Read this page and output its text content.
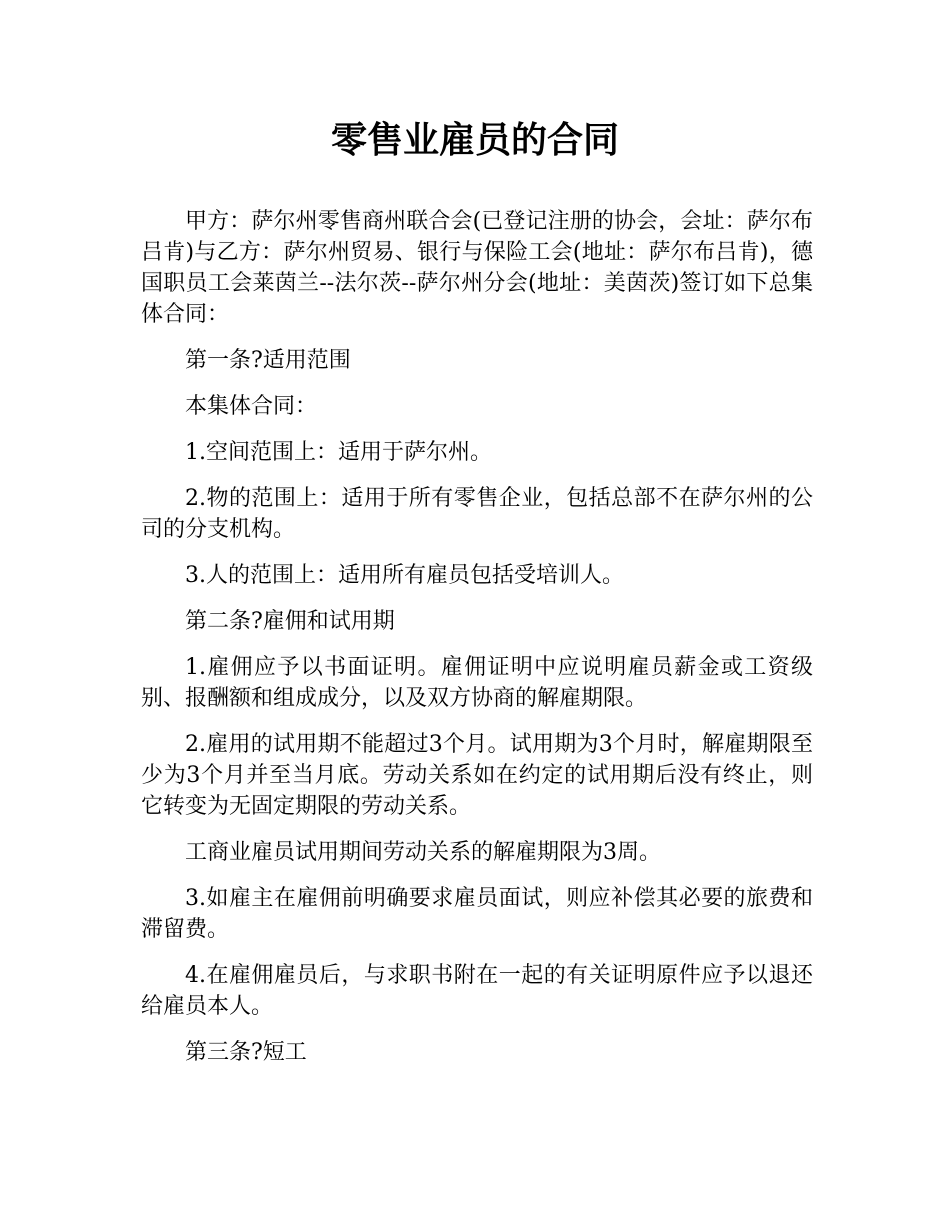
零售业雇员的合同

甲方：萨尔州零售商州联合会(已登记注册的协会，会址：萨尔布吕肯)与乙方：萨尔州贸易、银行与保险工会(地址：萨尔布吕肯)，德国职员工会莱茵兰--法尔茨--萨尔州分会(地址：美茵茨)签订如下总集体合同：

第一条?适用范围

本集体合同：

1.空间范围上：适用于萨尔州。

2.物的范围上：适用于所有零售企业，包括总部不在萨尔州的公司的分支机构。

3.人的范围上：适用所有雇员包括受培训人。

第二条?雇佣和试用期

1.雇佣应予以书面证明。雇佣证明中应说明雇员薪金或工资级别、报酬额和组成成分，以及双方协商的解雇期限。

2.雇用的试用期不能超过3个月。试用期为3个月时，解雇期限至少为3个月并至当月底。劳动关系如在约定的试用期后没有终止，则它转变为无固定期限的劳动关系。

工商业雇员试用期间劳动关系的解雇期限为3周。

3.如雇主在雇佣前明确要求雇员面试，则应补偿其必要的旅费和滞留费。

4.在雇佣雇员后，与求职书附在一起的有关证明原件应予以退还给雇员本人。

第三条?短工
